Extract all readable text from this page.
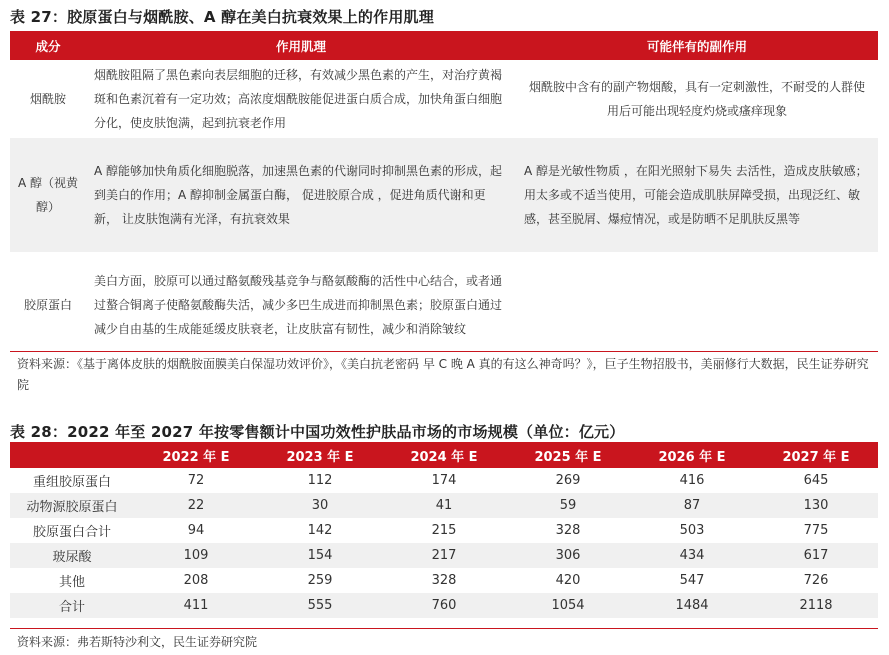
表 27：胶原蛋白与烟酰胺、A 醇在美白抗衰效果上的作用肌理
成分	作用肌理	可能伴有的副作用
烟酰胺	烟酰胺阻隔了黑色素向表层细胞的迁移，有效减少黑色素的产生，对治疗黄褐斑和色素沉着有一定功效；高浓度烟酰胺能促进蛋白质合成，加快角蛋白细胞分化，使皮肤饱满，起到抗衰老作用	烟酰胺中含有的副产物烟酸，具有一定刺激性，不耐受的人群使用后可能出现轻度灼烧或瘙痒现象
A 醇（视黄醇）	A 醇能够加快角质化细胞脱落，加速黑色素的代谢同时抑制黑色素的形成，起到美白的作用；A 醇抑制金属蛋白酶， 促进胶原合成 ，促进角质代谢和更新， 让皮肤饱满有光泽，有抗衰效果	A 醇是光敏性物质 ，在阳光照射下易失 去活性，造成皮肤敏感；用太多或不适当使用，可能会造成肌肤屏障受损，出现泛红、敏感，甚至脱屑、爆痘情况，或是防晒不足肌肤反黑等
胶原蛋白	美白方面，胶原可以通过酪氨酸残基竞争与酪氨酸酶的活性中心结合，或者通过螯合铜离子使酪氨酸酶失活，减少多巴生成进而抑制黑色素；胶原蛋白通过减少自由基的生成能延缓皮肤衰老，让皮肤富有韧性，减少和消除皱纹	
资料来源：《基于离体皮肤的烟酰胺面膜美白保湿功效评价》，《美白抗老密码 早 C 晚 A 真的有这么神奇吗？》，巨子生物招股书，美丽修行大数据，民生证券研究院
表 28：2022 年至 2027 年按零售额计中国功效性护肤品市场的市场规模（单位：亿元）
	2022 年 E	2023 年 E	2024 年 E	2025 年 E	2026 年 E	2027 年 E
重组胶原蛋白	72	112	174	269	416	645
动物源胶原蛋白	22	30	41	59	87	130
胶原蛋白合计	94	142	215	328	503	775
玻尿酸	109	154	217	306	434	617
其他	208	259	328	420	547	726
合计	411	555	760	1054	1484	2118
资料来源：弗若斯特沙利文，民生证券研究院
